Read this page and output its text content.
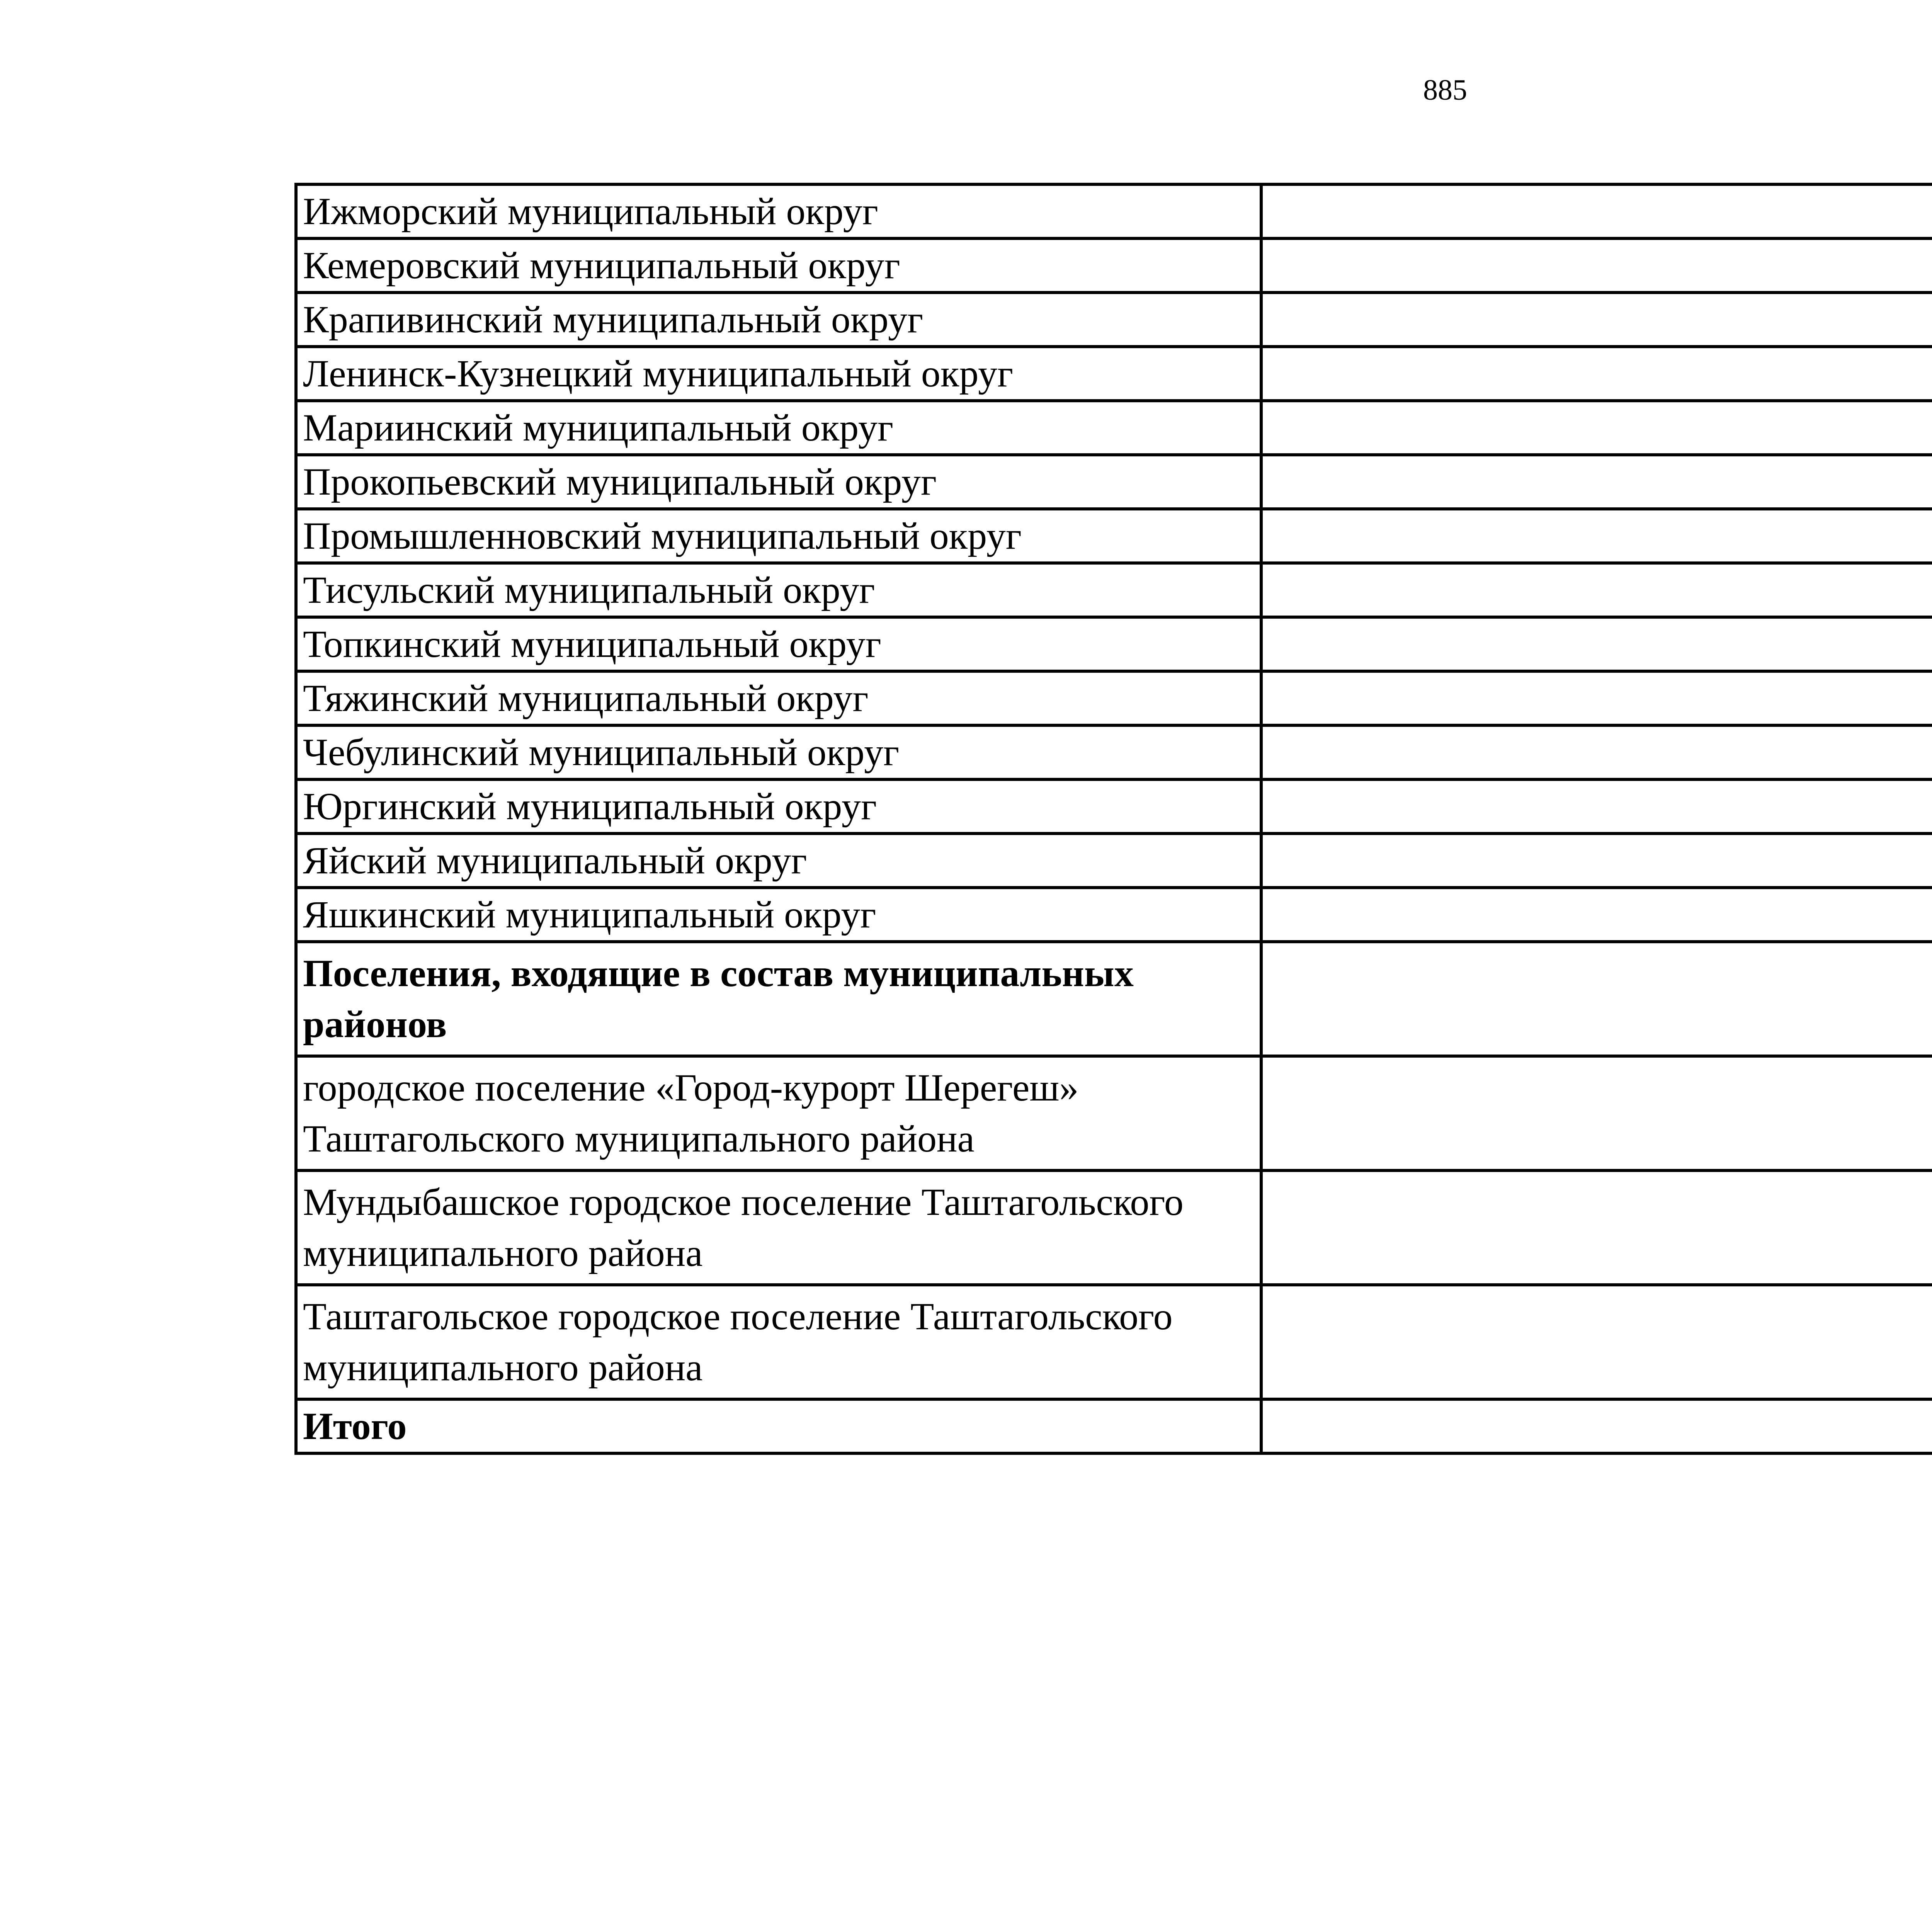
885
Ижморский муниципальный округ	
Кемеровский муниципальный округ	
Крапивинский муниципальный округ	
Ленинск-Кузнецкий муниципальный округ	
Мариинский муниципальный округ	
Прокопьевский муниципальный округ	
Промышленновский муниципальный округ	
Тисульский муниципальный округ	
Топкинский муниципальный округ	
Тяжинский муниципальный округ	
Чебулинский муниципальный округ	
Юргинский муниципальный округ	
Яйский муниципальный округ	
Яшкинский муниципальный округ	
Поселения, входящие в состав муниципальных районов	
городское поселение «Город-курорт Шерегеш» Таштагольского муниципального района	
Мундыбашское городское поселение Таштагольского муниципального района	
Таштагольское городское поселение Таштагольского муниципального района	
Итого	
